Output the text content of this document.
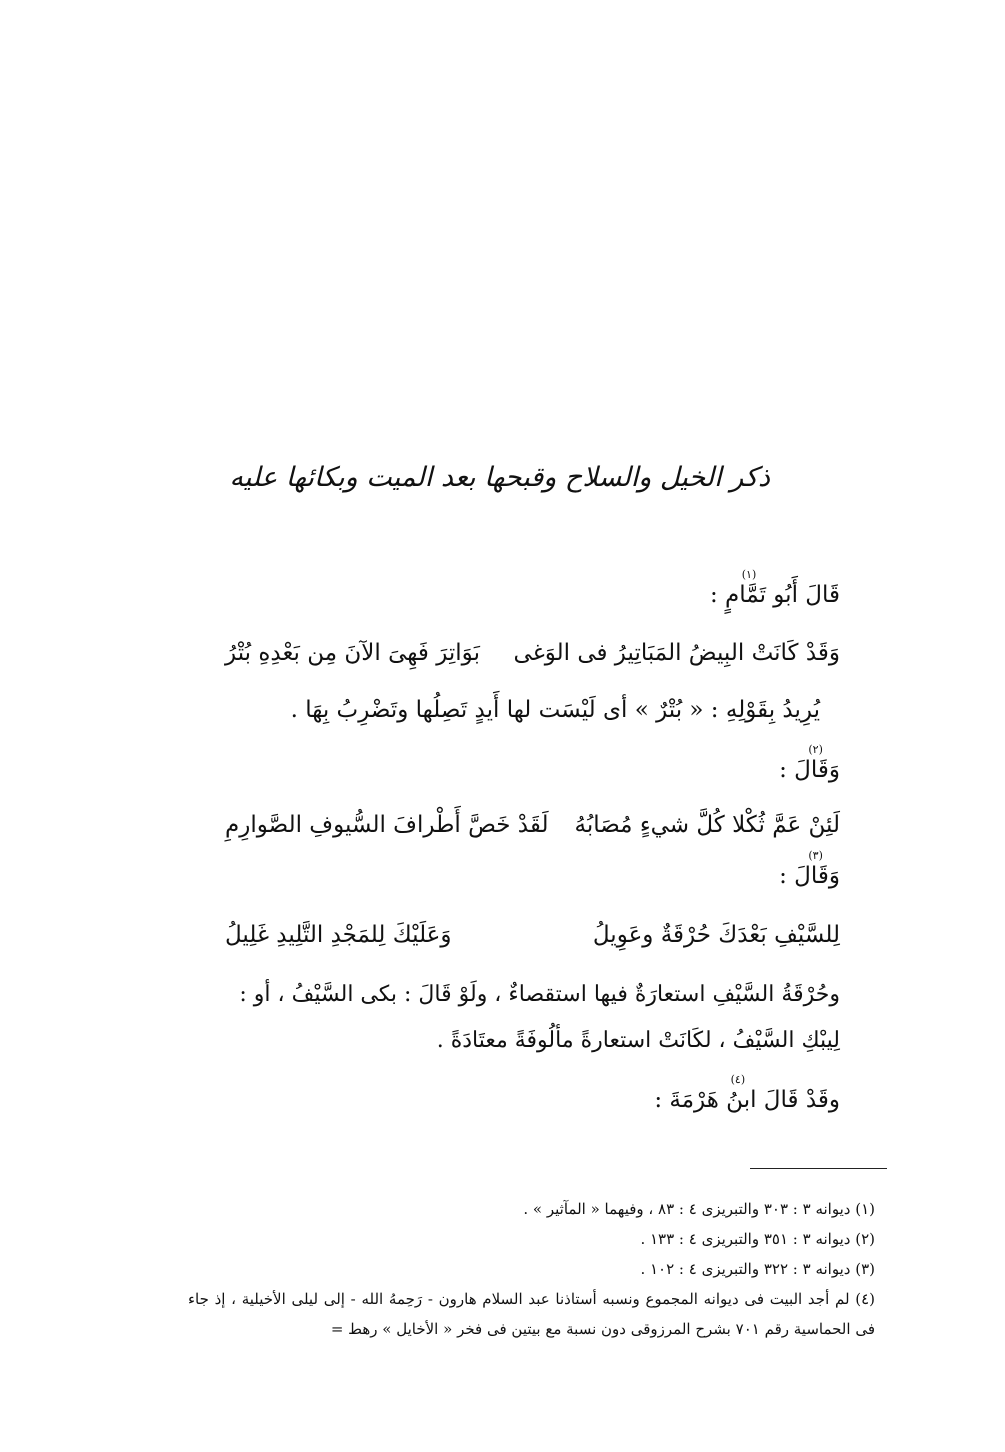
ذكر الخيل والسلاح وقبحها بعد الميت وبكائها عليه
قَالَ أَبُو تَمَّامٍ :
(١)
وَقَدْ كَانَتْ البِيضُ المَبَاتِيرُ فى الوَغى
بَوَاتِرَ فَهِىَ الآنَ مِن بَعْدِهِ بُتْرُ
يُرِيدُ بِقَوْلِهِ : « بُتْرٌ » أى لَيْسَت لها أَيدٍ تَصِلُها وتَضْرِبُ بِهَا .
وَقَالَ :
(٢)
لَئِنْ عَمَّ ثُكْلا كُلَّ شيءٍ مُصَابُهُ
لَقَدْ خَصَّ أَطْرافَ السُّيوفِ الصَّوارِمِ
وَقَالَ :
(٣)
لِلسَّيْفِ بَعْدَكَ حُرْقَةٌ وعَوِيلُ
وَعَلَيْكَ لِلمَجْدِ التَّلِيدِ غَلِيلُ
وحُرْقَةُ السَّيْفِ استعارَةٌ فيها استقصاءٌ ، ولَوْ قَالَ : بكى السَّيْفُ ، أو : لِيبْكِ السَّيْفُ ، لكَانَتْ استعارةً مألُوفَةً معتَادَةً .
وقَدْ قَالَ ابنُ هَرْمَةَ :
(٤)
(١) ديوانه ٣ : ٣٠٣ والتبريزى ٤ : ٨٣ ، وفيهما « المآثير » .
(٢) ديوانه ٣ : ٣٥١ والتبريزى ٤ : ١٣٣ .
(٣) ديوانه ٣ : ٣٢٢ والتبريزى ٤ : ١٠٢ .
(٤) لم أجد البيت فى ديوانه المجموع ونسبه أستاذنا عبد السلام هارون - رَحِمهُ الله - إلى ليلى الأخيلية ، إذ جاء فى الحماسية رقم ٧٠١ بشرح المرزوقى دون نسبة مع بيتين فى فخر « الأخايل » رهط =
